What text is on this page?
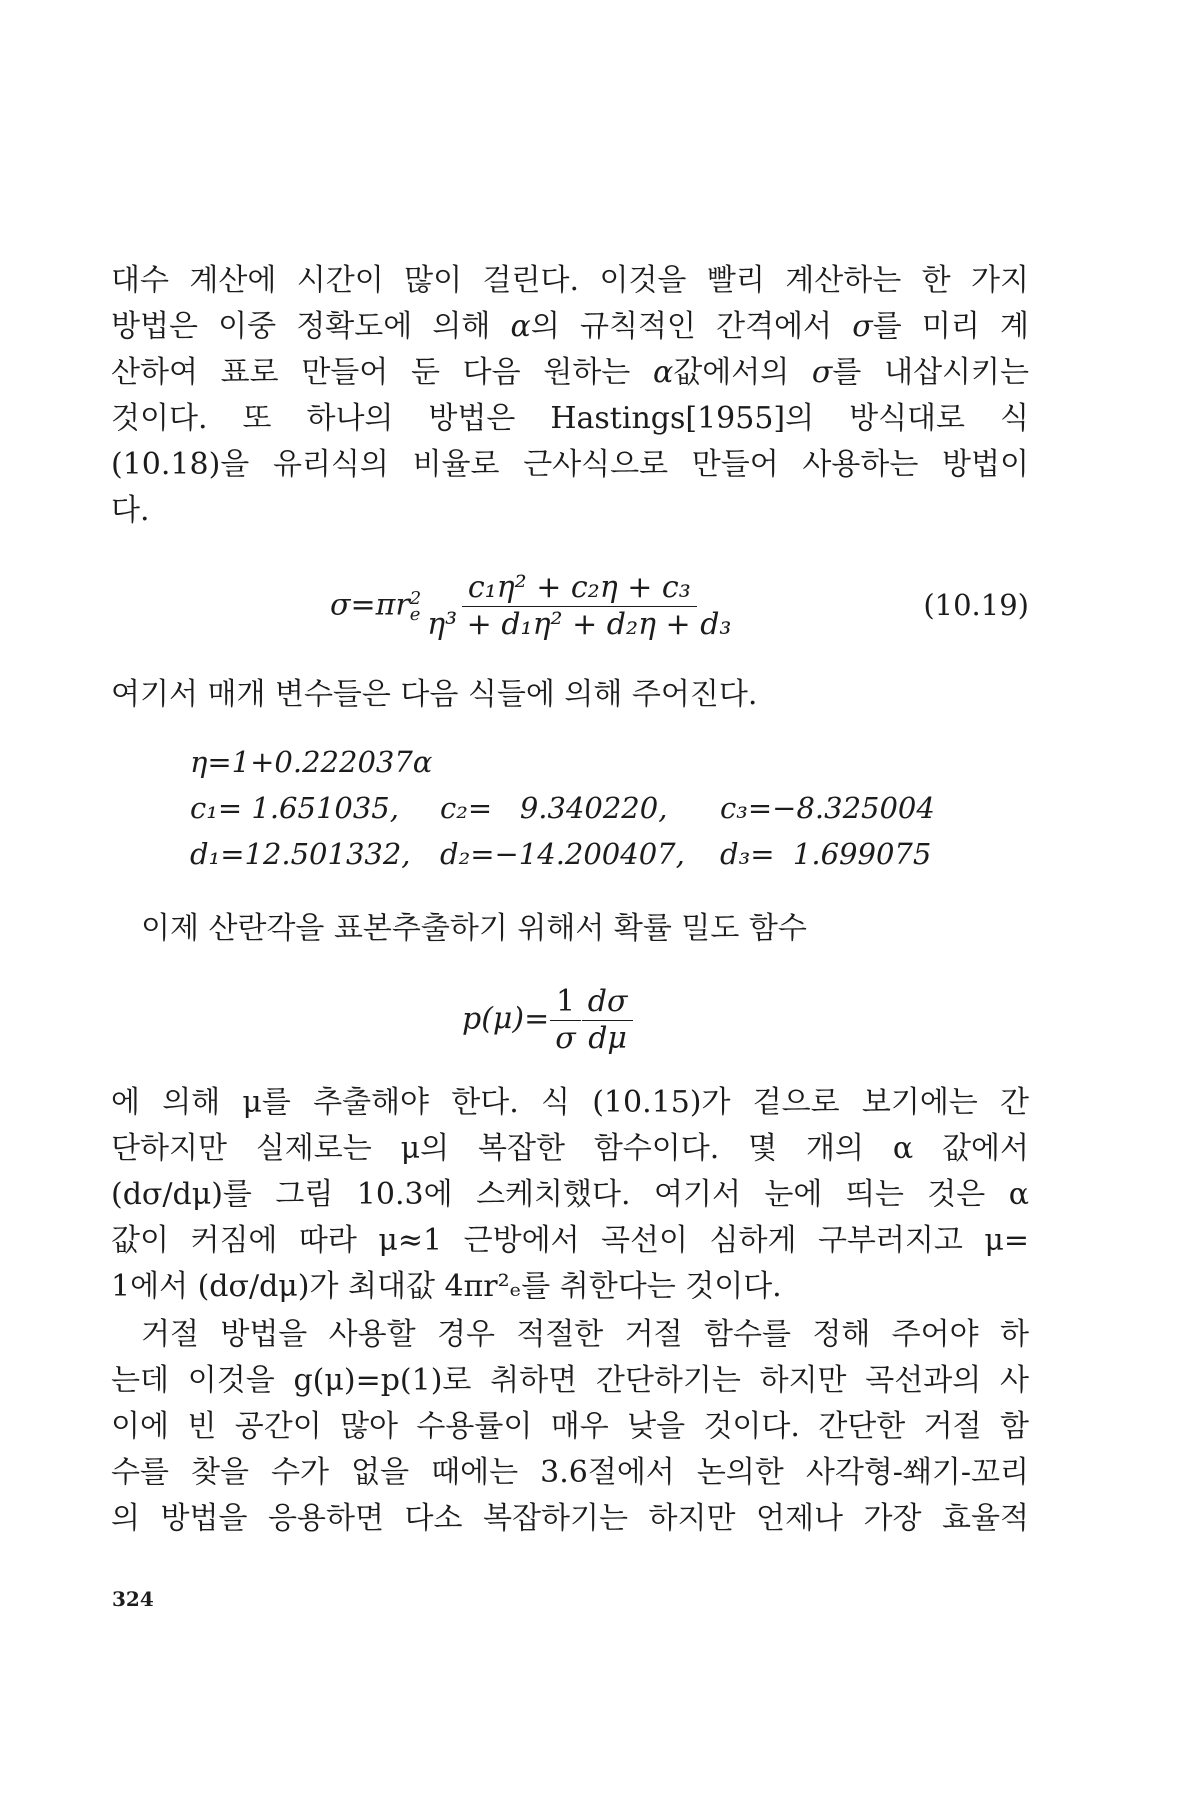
대수 계산에 시간이 많이 걸린다. 이것을 빨리 계산하는 한 가지

방법은 이중 정확도에 의해 α의 규칙적인 간격에서 σ를 미리 계

산하여 표로 만들어 둔 다음 원하는 α값에서의 σ를 내삽시키는

것이다. 또 하나의 방법은 Hastings[1955]의 방식대로 식

(10.18)을 유리식의 비율로 근사식으로 만들어 사용하는 방법이

다.

σ=πr 2
e $\frac{\text{c₁η² + c₂η + c₃}}{\text{η³ + d₁η² + d₂η + d₃}}$	(10.19)

여기서 매개 변수들은 다음 식들에 의해 주어진다.

η=1+0.222037α
c₁= 1.651035, c₂=   9.340220, c₃=−8.325004
d₁=12.501332, d₂=−14.200407, d₃=  1.699075

이제 산란각을 표본추출하기 위해서 확률 밀도 함수

$p(\mu)= \frac{1}{\sigma} \frac{d\sigma}{d\mu}$

에 의해 μ를 추출해야 한다. 식 (10.15)가 겉으로 보기에는 간

단하지만 실제로는 μ의 복잡한 함수이다. 몇 개의 α 값에서

(dσ/dμ)를 그림 10.3에 스케치했다. 여기서 눈에 띄는 것은 α

값이 커짐에 따라 μ≈1 근방에서 곡선이 심하게 구부러지고 μ=

1에서 (dσ/dμ)가 최대값 4πr²ₑ를 취한다는 것이다.

거절 방법을 사용할 경우 적절한 거절 함수를 정해 주어야 하

는데 이것을 g(μ)=p(1)로 취하면 간단하기는 하지만 곡선과의 사

이에 빈 공간이 많아 수용률이 매우 낮을 것이다. 간단한 거절 함

수를 찾을 수가 없을 때에는 3.6절에서 논의한 사각형-쐐기-꼬리

의 방법을 응용하면 다소 복잡하기는 하지만 언제나 가장 효율적

324
